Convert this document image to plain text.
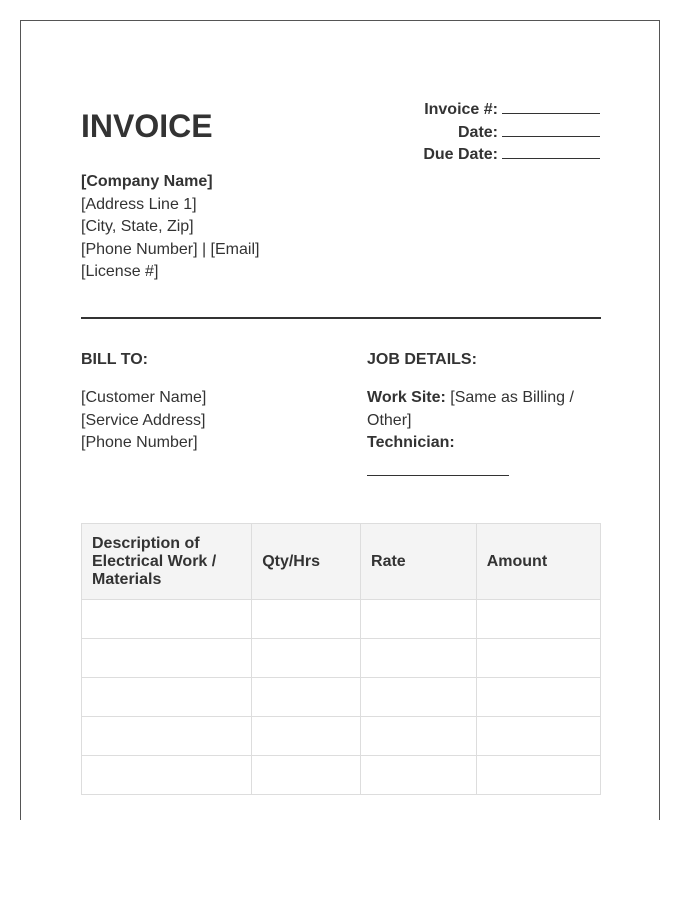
INVOICE	Invoice #:
Date:
Due Date:
[Company Name]
[Address Line 1]
[City, State, Zip]
[Phone Number] | [Email]
[License #]
BILL TO:	JOB DETAILS:
[Customer Name]
[Service Address]
[Phone Number]
Work Site: [Same as Billing / Other]
Technician:
Description of Electrical Work / Materials	Qty/Hrs	Rate	Amount
